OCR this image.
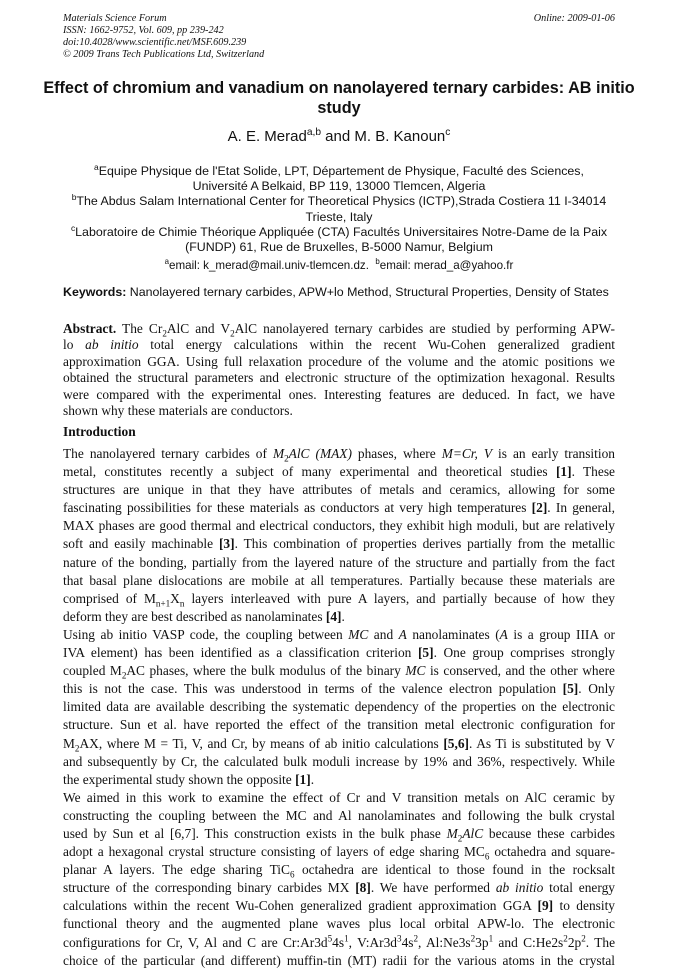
Materials Science Forum
ISSN: 1662-9752, Vol. 609, pp 239-242
doi:10.4028/www.scientific.net/MSF.609.239
© 2009 Trans Tech Publications Ltd, Switzerland
Online: 2009-01-06
Effect of chromium and vanadium on nanolayered ternary carbides: AB initio study
A. E. Merad$^{a,b}$ and M. B. Kanoun$^c$
$^a$Equipe Physique de l'Etat Solide, LPT, Département de Physique, Faculté des Sciences,
Université A Belkaid, BP 119, 13000 Tlemcen, Algeria
$^b$The Abdus Salam International Center for Theoretical Physics (ICTP),Strada Costiera 11 I-34014
Trieste, Italy
$^c$Laboratoire de Chimie Théorique Appliquée (CTA) Facultés Universitaires Notre-Dame de la Paix
(FUNDP) 61, Rue de Bruxelles, B-5000 Namur, Belgium
$^a$email: k_merad@mail.univ-tlemcen.dz. $^b$email: merad_a@yahoo.fr
Keywords: Nanolayered ternary carbides, APW+lo Method, Structural Properties, Density of States
Abstract. The $Cr_2AlC$ and $V_2AlC$ nanolayered ternary carbides are studied by performing APW-
lo ab initio total energy calculations within the recent Wu-Cohen generalized gradient
approximation GGA. Using full relaxation procedure of the volume and the atomic positions we
obtained the structural parameters and electronic structure of the optimization hexagonal. Results
were compared with the experimental ones. Interesting features are deduced. In fact, we have
shown why these materials are conductors.
Introduction
The nanolayered ternary carbides of $M_2AlC$ (MAX) phases, where M=Cr, V is an early transition
metal, constitutes recently a subject of many experimental and theoretical studies [1]. These
structures are unique in that they have attributes of metals and ceramics, allowing for some
fascinating possibilities for these materials as conductors at very high temperatures [2]. In general,
MAX phases are good thermal and electrical conductors, they exhibit high moduli, but are relatively
soft and easily machinable [3]. This combination of properties derives partially from the metallic
nature of the bonding, partially from the layered nature of the structure and partially from the fact
that basal plane dislocations are mobile at all temperatures. Partially because these materials are
comprised of $M_{n+1}X_n$ layers interleaved with pure A layers, and partially because of how they
deform they are best described as nanolaminates [4].
Using ab initio VASP code, the coupling between MC and A nanolaminates (A is a group IIIA or
IVA element) has been identified as a classification criterion [5]. One group comprises strongly
coupled $M_2AC$ phases, where the bulk modulus of the binary MC is conserved, and the other where
this is not the case. This was understood in terms of the valence electron population [5]. Only
limited data are available describing the systematic dependency of the properties on the electronic
structure. Sun et al. have reported the effect of the transition metal electronic configuration for
$M_2AX$, where M = Ti, V, and Cr, by means of ab initio calculations [5,6]. As Ti is substituted by V
and subsequently by Cr, the calculated bulk moduli increase by 19% and 36%, respectively. While
the experimental study shown the opposite [1].
We aimed in this work to examine the effect of Cr and V transition metals on AlC ceramic by
constructing the coupling between the MC and Al nanolaminates and following the bulk crystal
used by Sun et al [6,7]. This construction exists in the bulk phase $M_2AlC$ because these carbides
adopt a hexagonal crystal structure consisting of layers of edge sharing $MC_6$ octahedra and square-
planar A layers. The edge sharing TiC$_6$ octahedra are identical to those found in the rocksalt
structure of the corresponding binary carbides MX [8]. We have performed ab initio total energy
calculations within the recent Wu-Cohen generalized gradient approximation GGA [9] to density
functional theory and the augmented plane waves plus local orbital APW-lo. The electronic
configurations for Cr, V, Al and C are $Cr:Ar3d^54s^1$, $V:Ar3d^34s^2$, $Al:Ne3s^23p^1$ and $C:He2s^22p^2$. The
choice of the particular (and different) muffin-tin (MT) radii for the various atoms in the crystal
